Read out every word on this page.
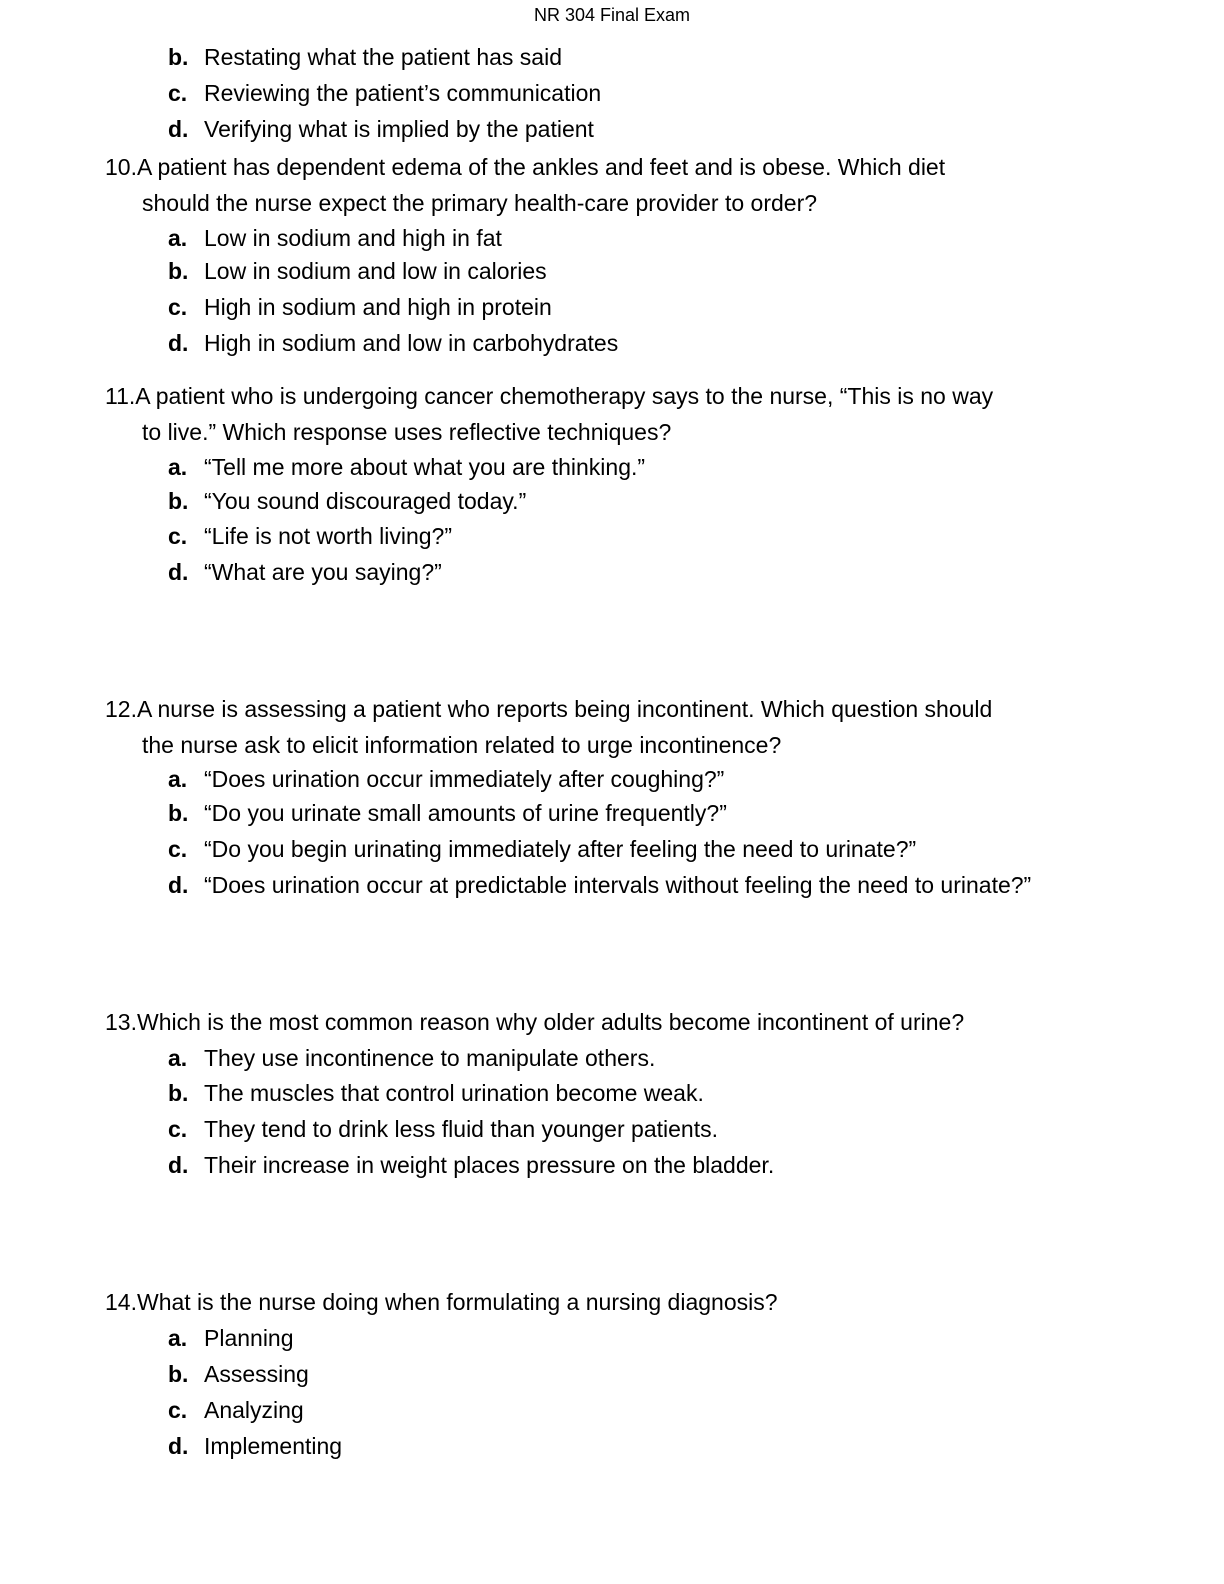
NR 304 Final Exam
b. Restating what the patient has said
c. Reviewing the patient’s communication
d. Verifying what is implied by the patient
10.A patient has dependent edema of the ankles and feet and is obese. Which diet
should the nurse expect the primary health-care provider to order?
a. Low in sodium and high in fat
b. Low in sodium and low in calories
c. High in sodium and high in protein
d. High in sodium and low in carbohydrates
11.A patient who is undergoing cancer chemotherapy says to the nurse, “This is no way
to live.” Which response uses reflective techniques?
a. “Tell me more about what you are thinking.”
b. “You sound discouraged today.”
c. “Life is not worth living?”
d. “What are you saying?”
12.A nurse is assessing a patient who reports being incontinent. Which question should
the nurse ask to elicit information related to urge incontinence?
a. “Does urination occur immediately after coughing?”
b. “Do you urinate small amounts of urine frequently?”
c. “Do you begin urinating immediately after feeling the need to urinate?”
d. “Does urination occur at predictable intervals without feeling the need to urinate?”
13.Which is the most common reason why older adults become incontinent of urine?
a. They use incontinence to manipulate others.
b. The muscles that control urination become weak.
c. They tend to drink less fluid than younger patients.
d. Their increase in weight places pressure on the bladder.
14.What is the nurse doing when formulating a nursing diagnosis?
a. Planning
b. Assessing
c. Analyzing
d. Implementing
